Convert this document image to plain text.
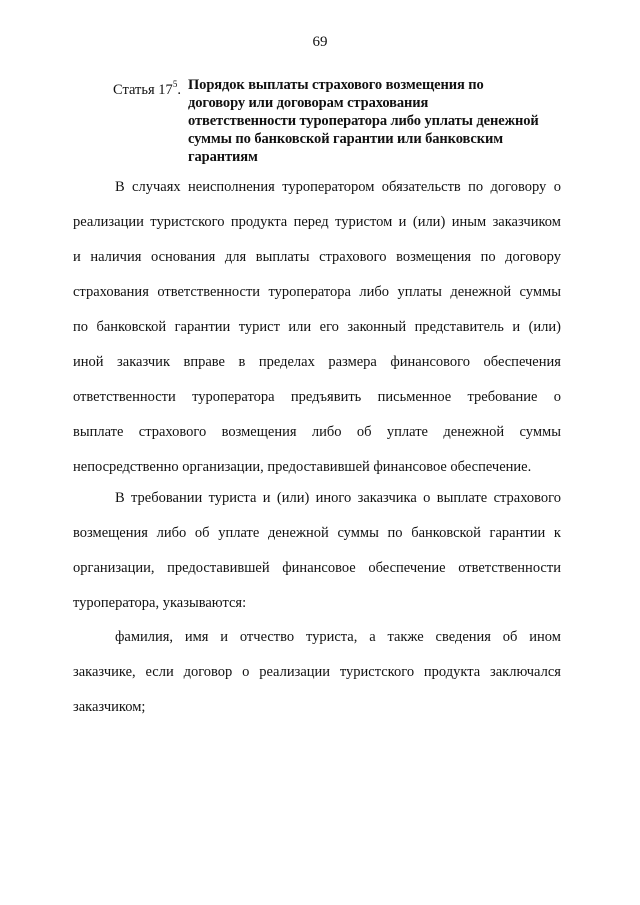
69
Статья $17^5$. Порядок выплаты страхового возмещения по
договору или договорам страхования
ответственности туроператора либо уплаты денежной
суммы по банковской гарантии или банковским
гарантиям
В случаях неисполнения туроператором обязательств по договору о
реализации туристского продукта перед туристом и (или) иным заказчиком
и наличия основания для выплаты страхового возмещения по договору
страхования ответственности туроператора либо уплаты денежной суммы
по банковской гарантии турист или его законный представитель и (или)
иной заказчик вправе в пределах размера финансового обеспечения
ответственности туроператора предъявить письменное требование о
выплате страхового возмещения либо об уплате денежной суммы
непосредственно организации, предоставившей финансовое обеспечение.
В требовании туриста и (или) иного заказчика о выплате страхового
возмещения либо об уплате денежной суммы по банковской гарантии к
организации, предоставившей финансовое обеспечение ответственности
туроператора, указываются:
фамилия, имя и отчество туриста, а также сведения об ином
заказчике, если договор о реализации туристского продукта заключался
заказчиком;
